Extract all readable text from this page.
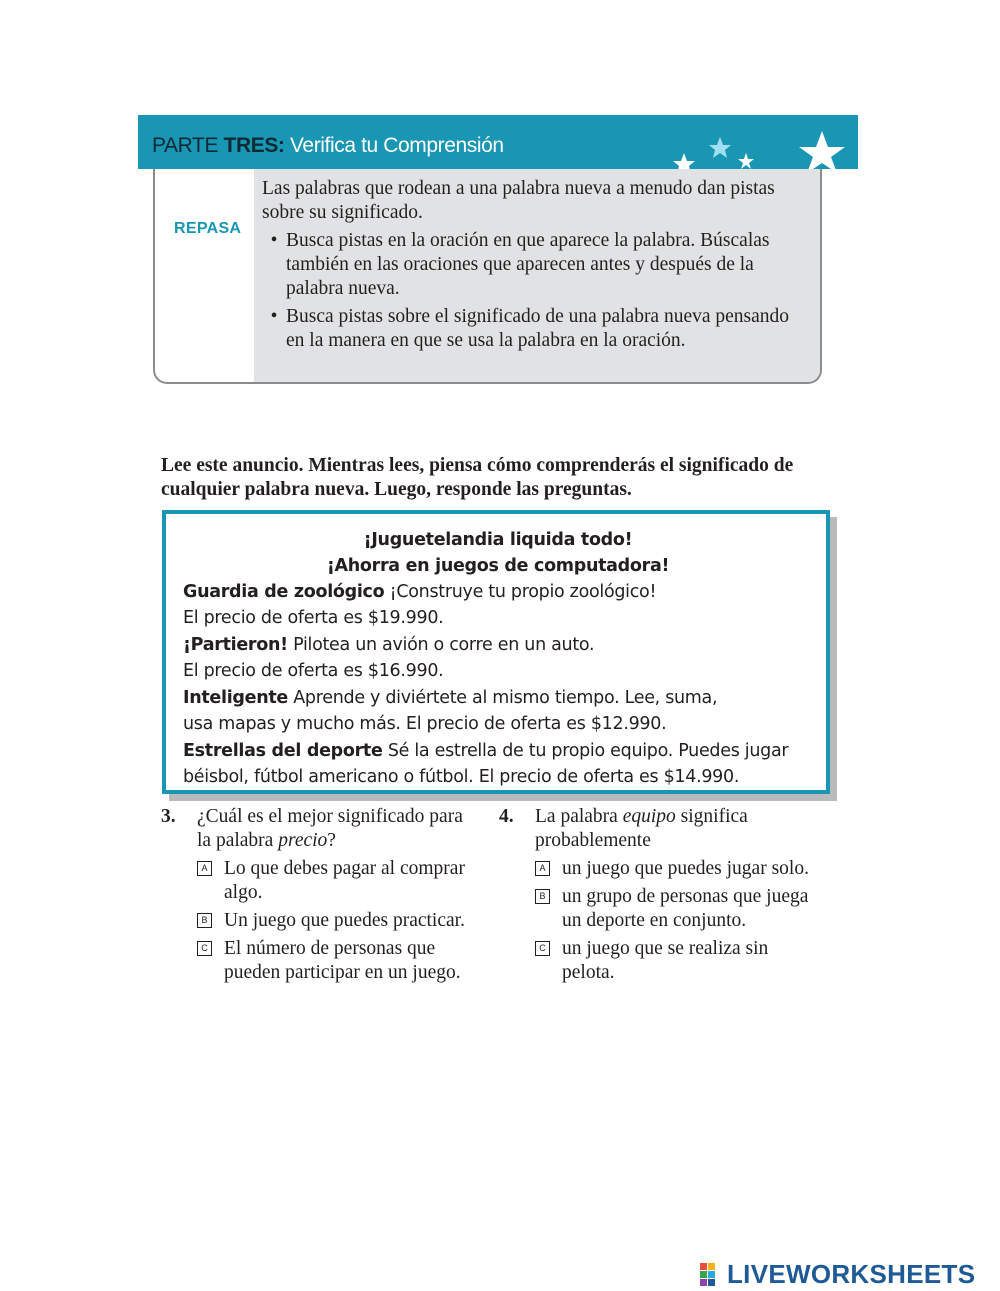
PARTE TRES: Verifica tu Comprensión
REPASA

Las palabras que rodean a una palabra nueva a menudo dan pistas sobre su significado.

• Busca pistas en la oración en que aparece la palabra. Búscalas también en las oraciones que aparecen antes y después de la palabra nueva.
• Busca pistas sobre el significado de una palabra nueva pensando en la manera en que se usa la palabra en la oración.

Lee este anuncio. Mientras lees, piensa cómo comprenderás el significado de cualquier palabra nueva. Luego, responde las preguntas.

¡Juguetelandia liquida todo!
¡Ahorra en juegos de computadora!
Guardia de zoológico ¡Construye tu propio zoológico!
El precio de oferta es $19.990.
¡Partieron! Pilotea un avión o corre en un auto.
El precio de oferta es $16.990.
Inteligente Aprende y diviértete al mismo tiempo. Lee, suma,
usa mapas y mucho más. El precio de oferta es $12.990.
Estrellas del deporte Sé la estrella de tu propio equipo. Puedes jugar
béisbol, fútbol americano o fútbol. El precio de oferta es $14.990.
3. ¿Cuál es el mejor significado para la palabra precio?
A Lo que debes pagar al comprar algo.
B Un juego que puedes practicar.
C El número de personas que pueden participar en un juego.
4. La palabra equipo significa probablemente
A un juego que puedes jugar solo.
B un grupo de personas que juega un deporte en conjunto.
C un juego que se realiza sin pelota.
LIVEWORKSHEETS
